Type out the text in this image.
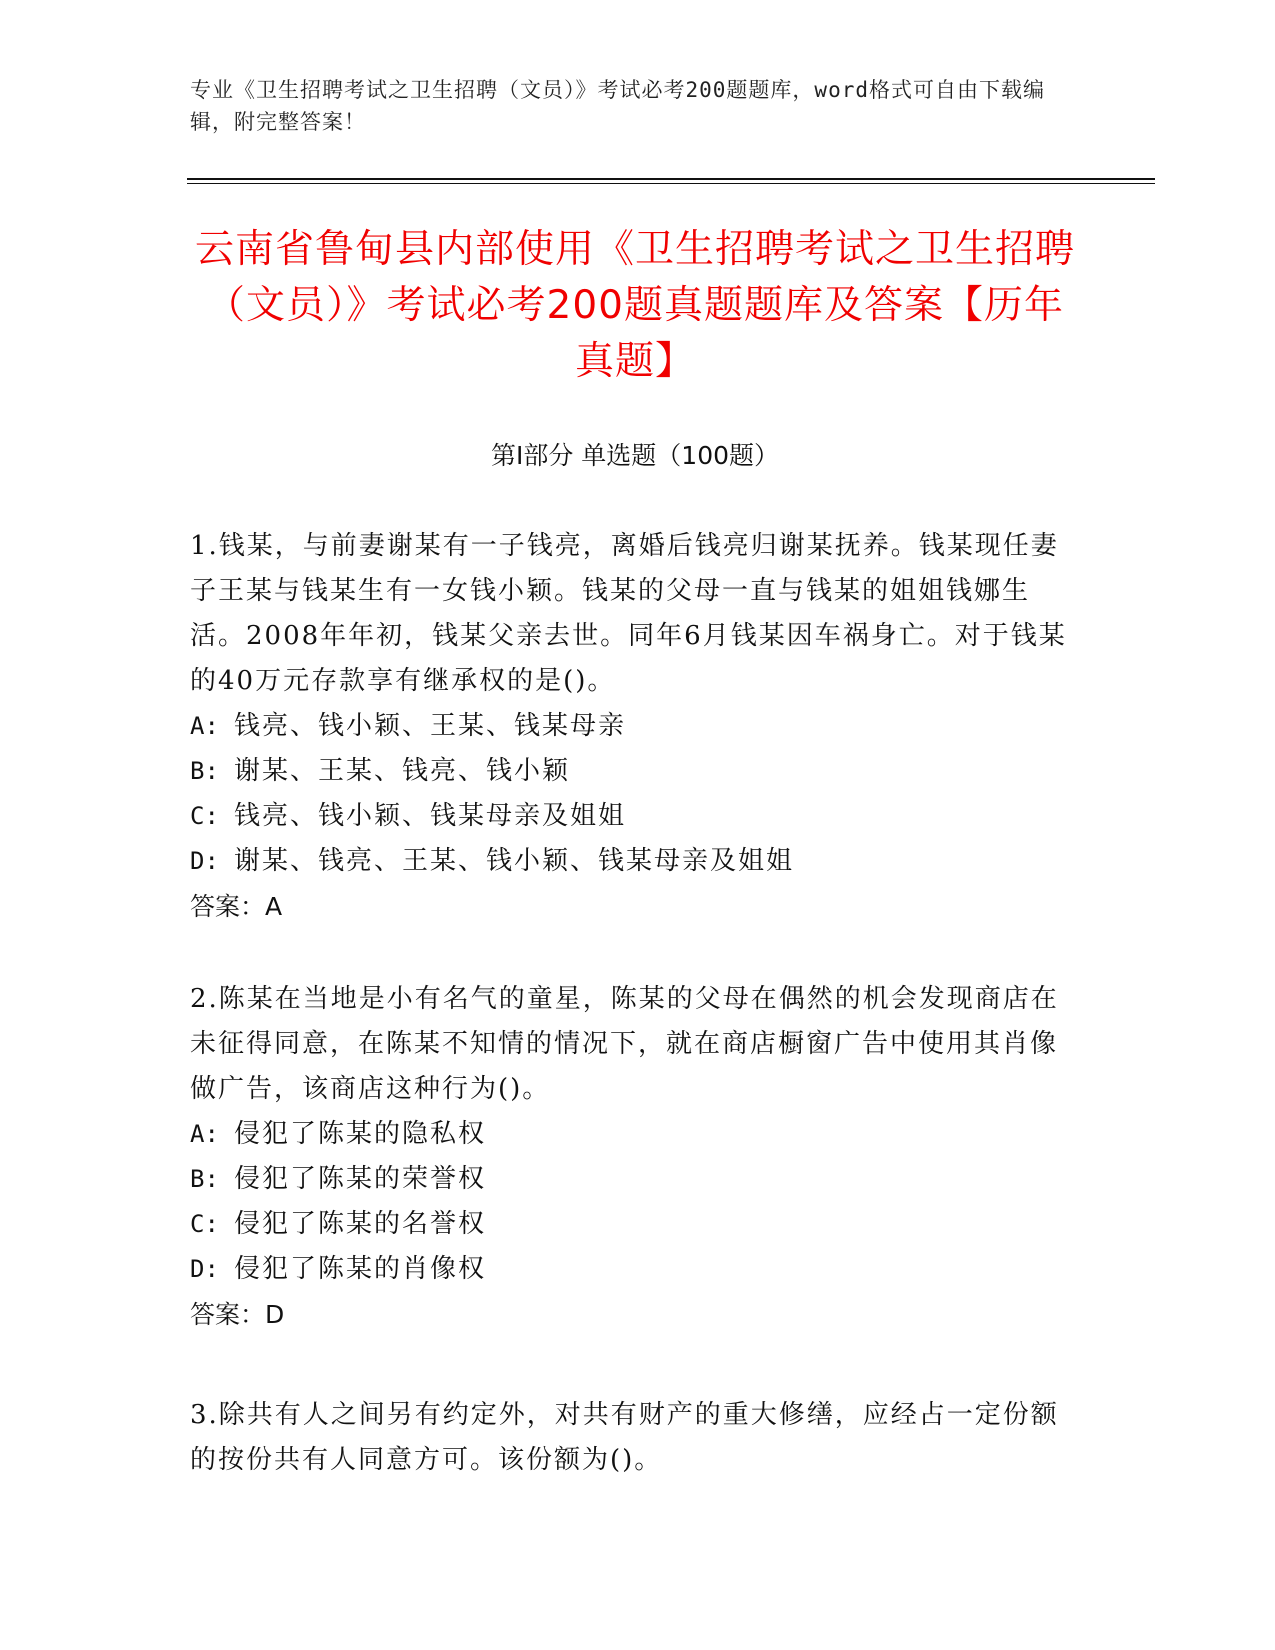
专业《卫生招聘考试之卫生招聘（文员）》考试必考200题题库，word格式可自由下载编辑，附完整答案！

云南省鲁甸县内部使用《卫生招聘考试之卫生招聘（文员）》考试必考200题真题题库及答案【历年真题】
第Ⅰ部分 单选题（100题）

1.钱某，与前妻谢某有一子钱亮，离婚后钱亮归谢某抚养。钱某现任妻子王某与钱某生有一女钱小颖。钱某的父母一直与钱某的姐姐钱娜生活。2008年年初，钱某父亲去世。同年6月钱某因车祸身亡。对于钱某的40万元存款享有继承权的是()。

A: 钱亮、钱小颖、王某、钱某母亲

B: 谢某、王某、钱亮、钱小颖

C: 钱亮、钱小颖、钱某母亲及姐姐

D: 谢某、钱亮、王某、钱小颖、钱某母亲及姐姐

答案：A

2.陈某在当地是小有名气的童星，陈某的父母在偶然的机会发现商店在未征得同意，在陈某不知情的情况下，就在商店橱窗广告中使用其肖像做广告，该商店这种行为()。

A: 侵犯了陈某的隐私权

B: 侵犯了陈某的荣誉权

C: 侵犯了陈某的名誉权

D: 侵犯了陈某的肖像权

答案：D

3.除共有人之间另有约定外，对共有财产的重大修缮，应经占一定份额的按份共有人同意方可。该份额为()。
